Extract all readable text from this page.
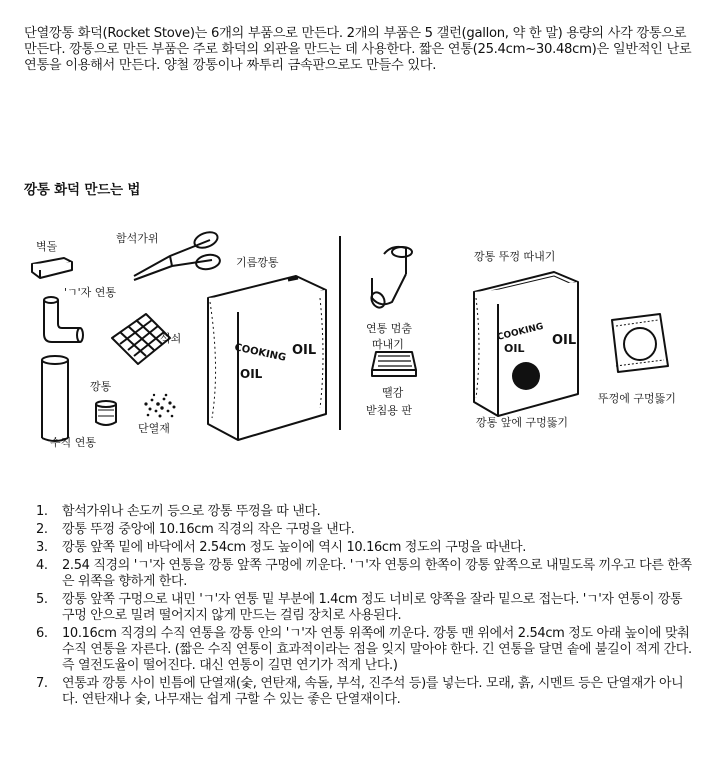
단열깡통 화덕(Rocket Stove)는 6개의 부품으로 만든다. 2개의 부품은 5 갤런(gallon, 약 한 말) 용량의 사각 깡통으로 만든다. 깡통으로 만든 부품은 주로 화덕의 외관을 만드는 데 사용한다. 짧은 연통(25.4cm~30.48cm)은 일반적인 난로 연통을 이용해서 만든다. 양철 깡통이나 짜투리 금속판으로도 만들수 있다.

깡통 화덕 만드는 법
COOKING
OIL
OIL
COOKING
OIL
OIL
벽돌
함석가위
'ㄱ'자 연통
기름깡통
석쇠
깡통
단열재
수직 연통
연통 멈춤
따내기
땔감
받침용 판
깡통 뚜껑 따내기
깡통 앞에 구멍뚫기
뚜껑에 구멍뚫기
1.	함석가위나 손도끼 등으로 깡통 뚜껑을 따 낸다.
2.	깡통 뚜껑 중앙에 10.16cm 직경의 작은 구멍을 낸다.
3.	깡통 앞쪽 밑에 바닥에서 2.54cm 정도 높이에 역시 10.16cm 정도의 구멍을 따낸다.
4.	2.54 직경의 'ㄱ'자 연통을 깡통 앞쪽 구멍에 끼운다. 'ㄱ'자 연통의 한쪽이 깡통 앞쪽으로 내밀도록 끼우고 다른 한쪽은 위쪽을 향하게 한다.
5.	깡통 앞쪽 구멍으로 내민 'ㄱ'자 연통 밑 부분에 1.4cm 정도 너비로 양쪽을 잘라 밑으로 접는다. 'ㄱ'자 연통이 깡통 구멍 안으로 밀려 떨어지지 않게 만드는 걸림 장치로 사용된다.
6.	10.16cm 직경의 수직 연통을 깡통 안의 'ㄱ'자 연통 위쪽에 끼운다. 깡통 맨 위에서 2.54cm 정도 아래 높이에 맞춰 수직 연통을 자른다. (짧은 수직 연통이 효과적이라는 점을 잊지 말아야 한다. 긴 연통을 달면 솥에 불길이 적게 간다. 즉 열전도율이 떨어진다. 대신 연통이 길면 연기가 적게 난다.)
7.	연통과 깡통 사이 빈틈에 단열재(숯, 연탄재, 속돌, 부석, 진주석 등)를 넣는다. 모래, 흙, 시멘트 등은 단열재가 아니다. 연탄재나 숯, 나무재는 쉽게 구할 수 있는 좋은 단열재이다.
